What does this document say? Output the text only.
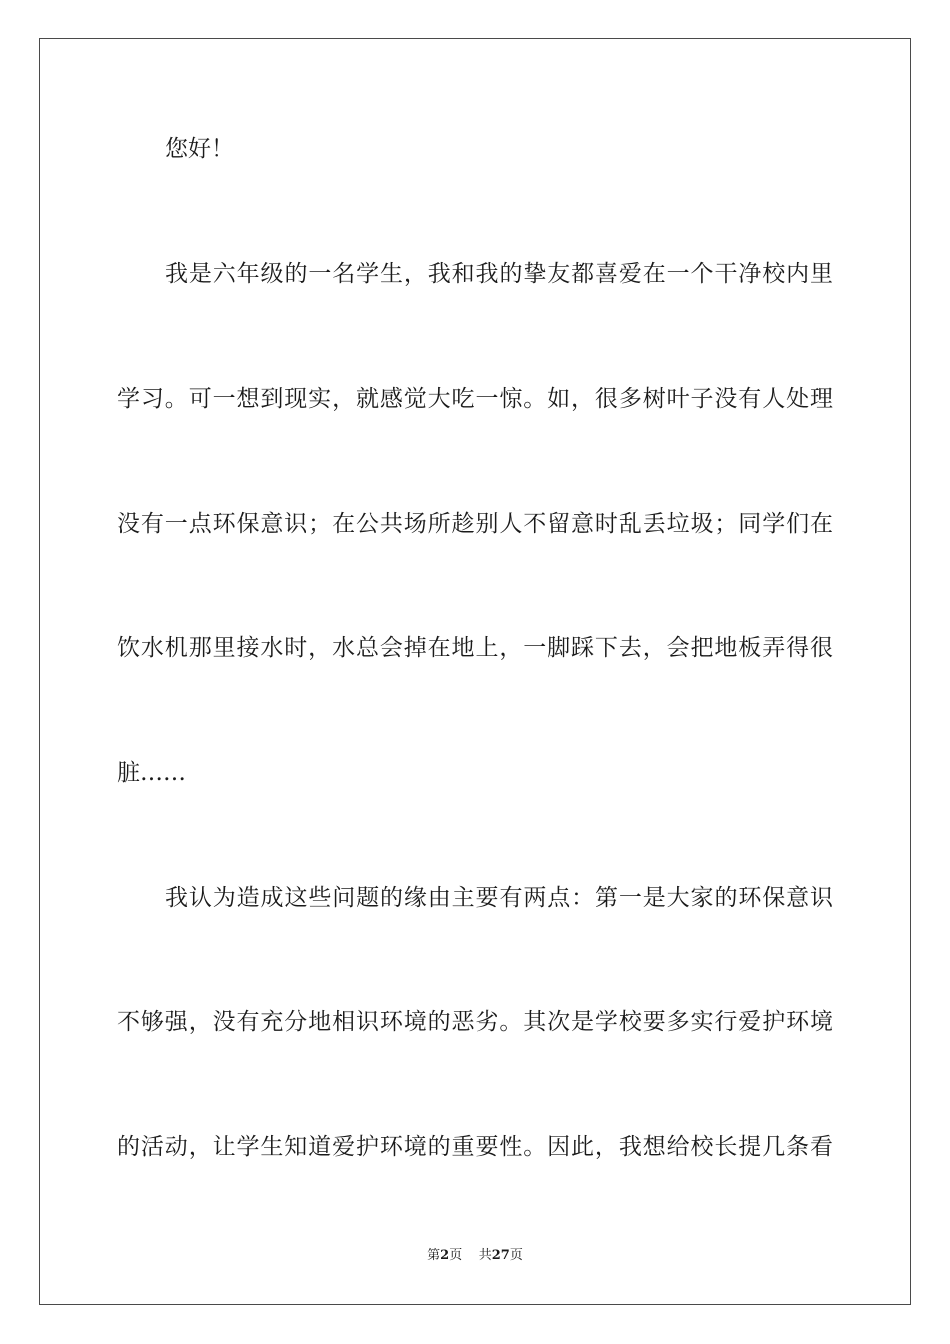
您好！
我是六年级的一名学生，我和我的挚友都喜爱在一个干净校内里
学习。可一想到现实，就感觉大吃一惊。如，很多树叶子没有人处理
没有一点环保意识；在公共场所趁别人不留意时乱丢垃圾；同学们在
饮水机那里接水时，水总会掉在地上，一脚踩下去，会把地板弄得很
脏……
我认为造成这些问题的缘由主要有两点：第一是大家的环保意识
不够强，没有充分地相识环境的恶劣。其次是学校要多实行爱护环境
的活动，让学生知道爱护环境的重要性。因此，我想给校长提几条看
第2页 共27页
